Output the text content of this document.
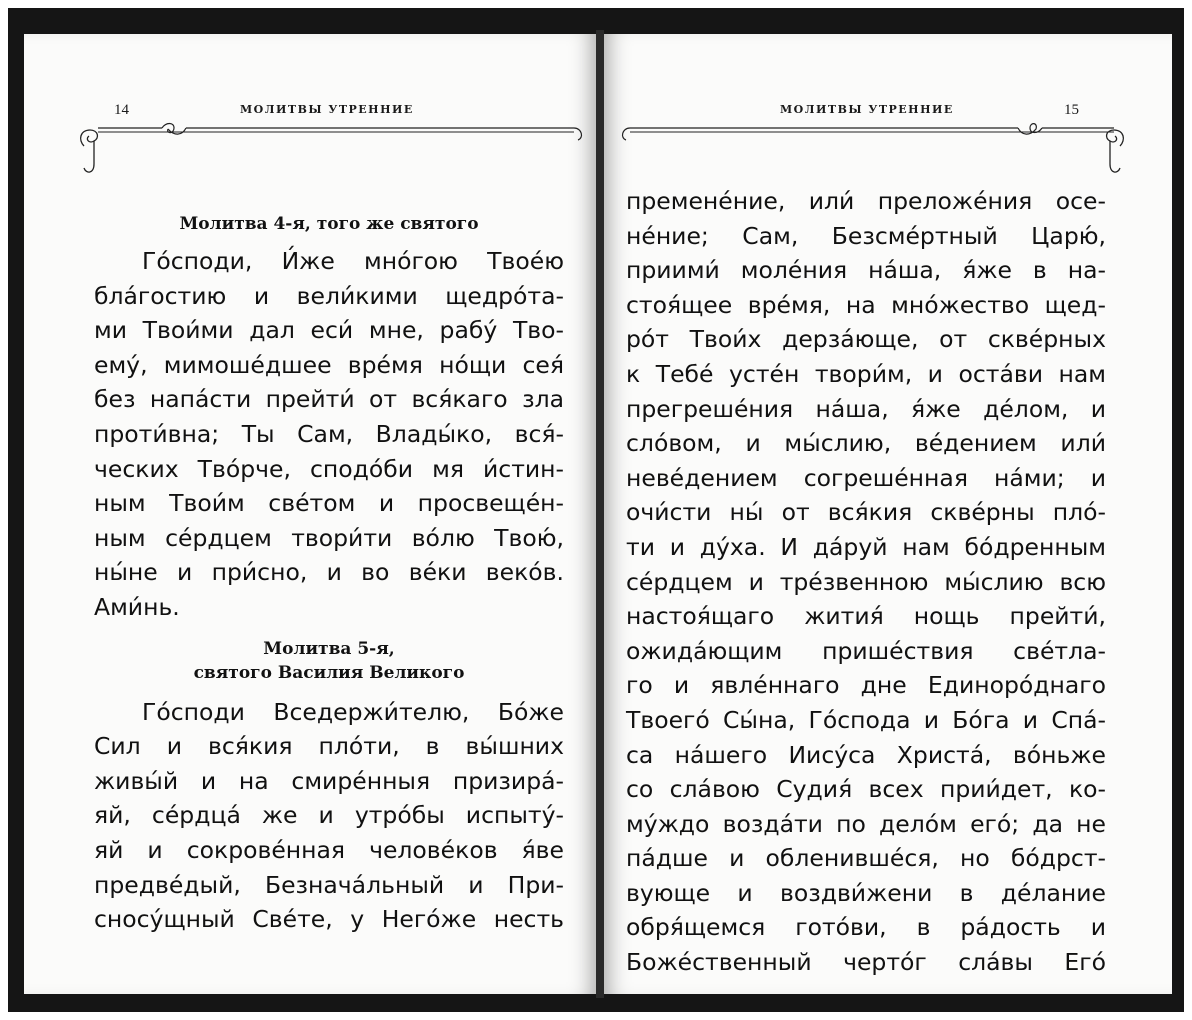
14	МОЛИТВЫ УТРЕННИЕ
Молитва 4-я, того же святого
Го́споди, И́же мно́гою Твое́ю
бла́гостию и вели́кими щедро́та-
ми Твои́ми дал еси́ мне, рабу́ Тво-
ему́, мимоше́дшее вре́мя но́щи сея́
без напа́сти прейти́ от вся́каго зла
проти́вна; Ты Сам, Влады́ко, вся́-
ческих Тво́рче, сподо́би мя и́стин-
ным Твои́м све́том и просвеще́н-
ным се́рдцем твори́ти во́лю Твою́,
ны́не и при́сно, и во ве́ки веко́в.
Ами́нь.
Молитва 5-я,
святого Василия Великого
Го́споди Вседержи́телю, Бо́же
Сил и вся́кия пло́ти, в вы́шних
живы́й и на смире́нныя призира́-
яй, се́рдца́ же и утро́бы испыту́-
яй и сокрове́нная челове́ков я́ве
предве́дый, Безнача́льный и При-
сносу́щный Све́те, у Него́же несть
МОЛИТВЫ УТРЕННИЕ	15
премене́ние, или́ преложе́ния осе-
не́ние; Сам, Безсме́ртный Царю́,
приими́ моле́ния на́ша, я́же в на-
стоя́щее вре́мя, на мно́жество щед-
ро́т Твои́х дерза́юще, от скве́рных
к Тебе́ усте́н твори́м, и оста́ви нам
прегреше́ния на́ша, я́же де́лом, и
сло́вом, и мы́слию, ве́дением или́
неве́дением согреше́нная на́ми; и
очи́сти ны́ от вся́кия скве́рны пло́-
ти и ду́ха. И да́руй нам бо́дренным
се́рдцем и тре́звенною мы́слию всю
настоя́щаго жития́ нощь прейти́,
ожида́ющим прише́ствия све́тла-
го и явле́ннаго дне Единоро́днаго
Твоего́ Сы́на, Го́спода и Бо́га и Спа́-
са на́шего Иису́са Христа́, во́ньже
со сла́вою Судия́ всех прии́дет, ко-
му́ждо возда́ти по дело́м его́; да не
па́дше и обленивше́ся, но бо́дрст-
вующе и воздви́жени в де́лание
обря́щемся гото́ви, в ра́дость и
Боже́ственный черто́г сла́вы Его́
